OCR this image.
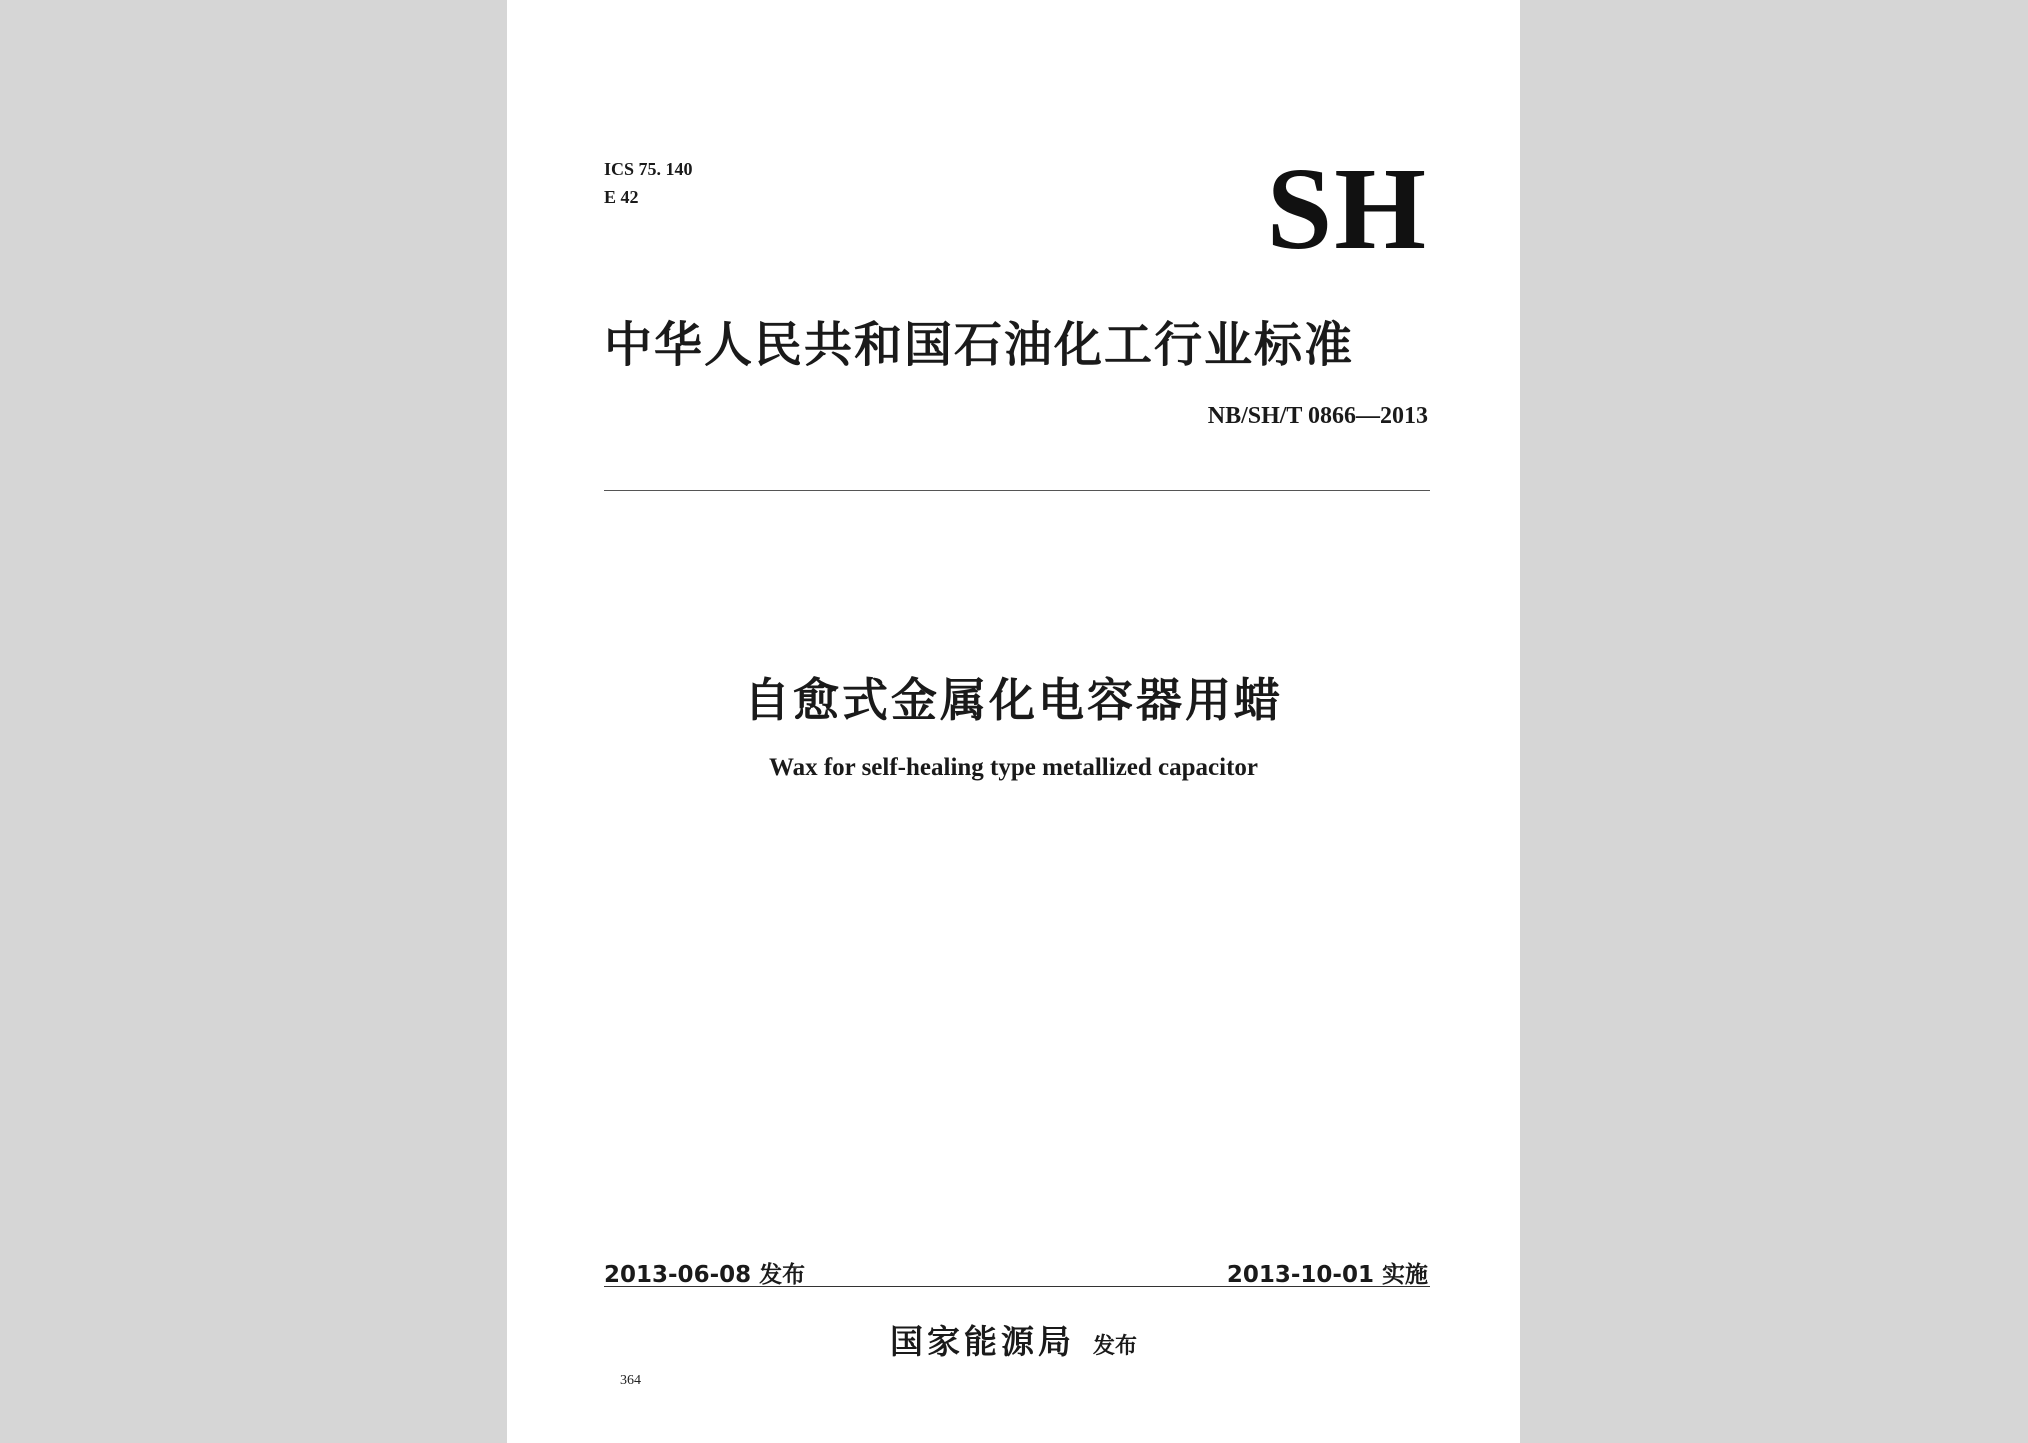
ICS 75. 140
E 42	SH
中华人民共和国石油化工行业标准
NB/SH/T 0866—2013
自愈式金属化电容器用蜡
Wax for self-healing type metallized capacitor
2013-06-08 发布	2013-10-01 实施
国家能源局 发布
364
